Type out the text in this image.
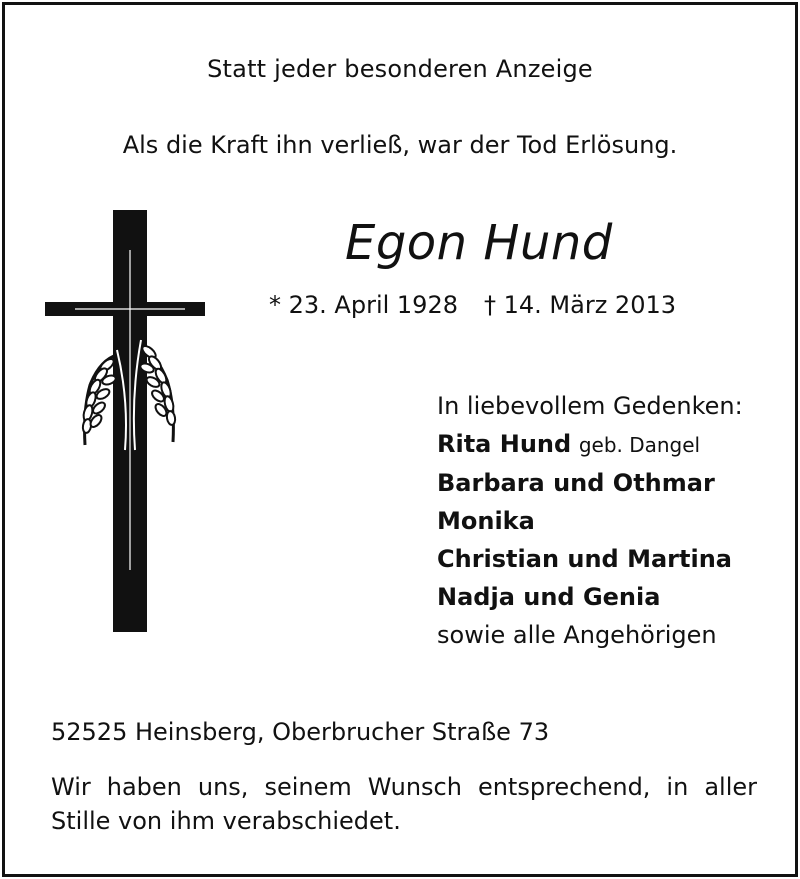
Statt jeder besonderen Anzeige
Als die Kraft ihn verließ, war der Tod Erlösung.
Egon Hund
* 23. April 1928 † 14. März 2013
In liebevollem Gedenken:
Rita Hund geb. Dangel
Barbara und Othmar
Monika
Christian und Martina
Nadja und Genia
sowie alle Angehörigen
52525 Heinsberg, Oberbrucher Straße 73
Wir haben uns, seinem Wunsch entsprechend, in aller Stille von ihm verabschiedet.
